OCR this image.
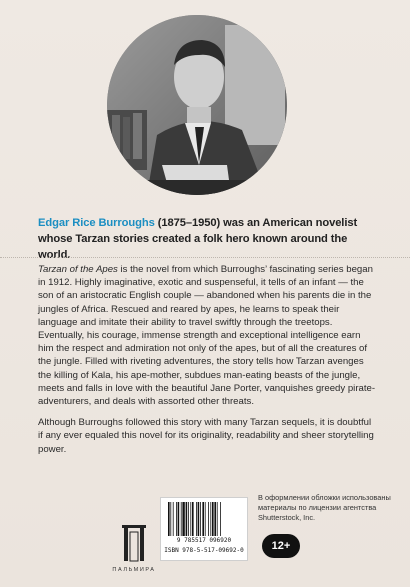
Edgar Rice Burroughs (1875–1950) was an American novelist whose Tarzan stories created a folk hero known around the world.

Tarzan of the Apes is the novel from which Burroughs’ fascinating series began in 1912. Highly imaginative, exotic and suspenseful, it tells of an infant — the son of an aristocratic English couple — abandoned when his parents die in the jungles of Africa. Rescued and reared by apes, he learns to speak their language and imitate their ability to travel swiftly through the treetops. Eventually, his courage, immense strength and exceptional intelligence earn him the respect and admiration not only of the apes, but of all the creatures of the jungle. Filled with riveting adventures, the story tells how Tarzan avenges the killing of Kala, his ape-mother, subdues man-eating beasts of the jungle, meets and falls in love with the beautiful Jane Porter, vanquishes greedy pirate-adventurers, and deals with assorted other threats.

Although Burroughs followed this story with many Tarzan sequels, it is doubtful if any ever equaled this novel for its originality, readability and sheer storytelling power.

ПАЛЬМИРА
9 785517 096920
ISBN 978-5-517-09692-0
В оформлении обложки использованы материалы по лицензии агентства Shutterstock, Inc.
12+
